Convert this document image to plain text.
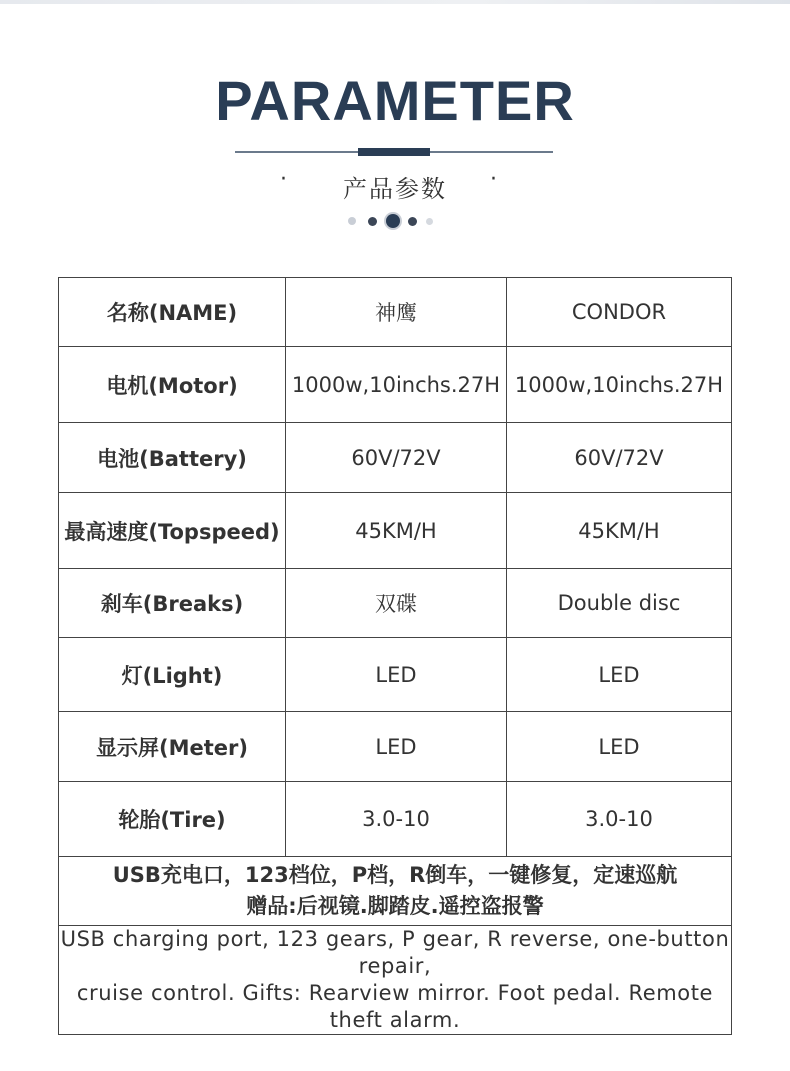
PARAMETER
·	产品参数	·
名称(NAME)	神鹰	CONDOR
电机(Motor)	1000w,10inchs.27H	1000w,10inchs.27H
电池(Battery)	60V/72V	60V/72V
最高速度(Topspeed)	45KM/H	45KM/H
刹车(Breaks)	双碟	Double disc
灯(Light)	LED	LED
显示屏(Meter)	LED	LED
轮胎(Tire)	3.0-10	3.0-10

USB充电口，123档位，P档，R倒车，一键修复，定速巡航
赠品:后视镜.脚踏皮.遥控盗报警		

USB charging port, 123 gears, P gear, R reverse, one-button repair,
cruise control. Gifts: Rearview mirror. Foot pedal. Remote theft alarm.		
